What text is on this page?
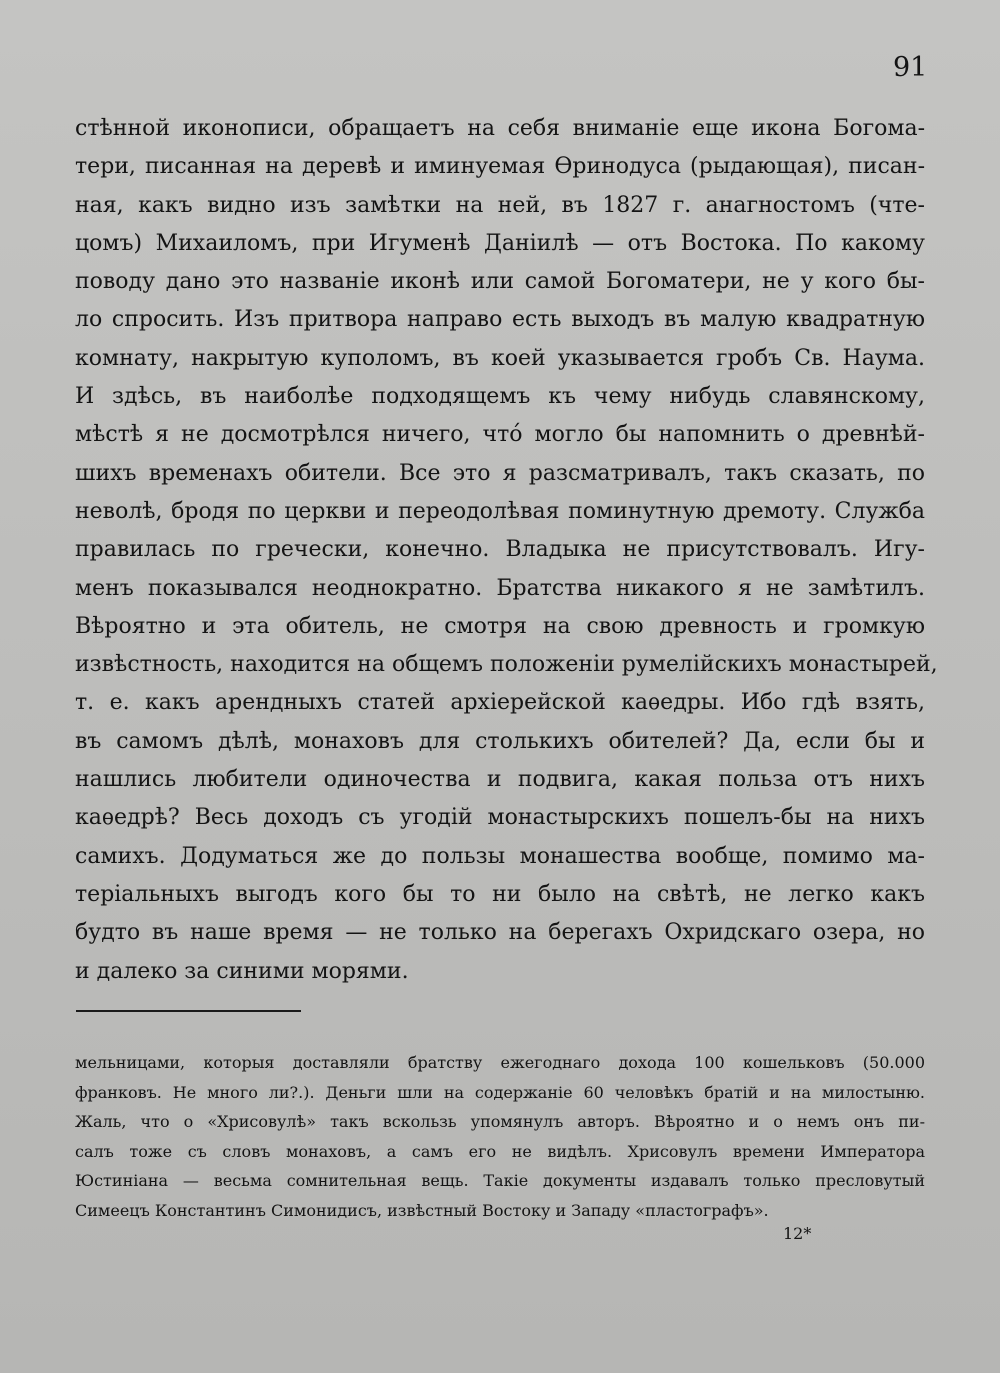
91
стѣнной иконописи, обращаетъ на себя вниманіе еще икона Богома-
тери, писанная на деревѣ и иминуемая Ѳринодуса (рыдающая), писан-
ная, какъ видно изъ замѣтки на ней, въ 1827 г. анагностомъ (чте-
цомъ) Михаиломъ, при Игуменѣ Даніилѣ — отъ Востока. По какому
поводу дано это названіе иконѣ или самой Богоматери, не у кого бы-
ло спросить. Изъ притвора направо есть выходъ въ малую квадратную
комнату, накрытую куполомъ, въ коей указывается гробъ Св. Наума.
И здѣсь, въ наиболѣе подходящемъ къ чему нибудь славянскому,
мѣстѣ я не досмотрѣлся ничего, что́ могло бы напомнить о древнѣй-
шихъ временахъ обители. Все это я разсматривалъ, такъ сказать, по
неволѣ, бродя по церкви и переодолѣвая поминутную дремоту. Служба
правилась по гречески, конечно. Владыка не присутствовалъ. Игу-
менъ показывался неоднократно. Братства никакого я не замѣтилъ.
Вѣроятно и эта обитель, не смотря на свою древность и громкую
извѣстность, находится на общемъ положеніи румелійскихъ монастырей,
т. е. какъ арендныхъ статей архіерейской каѳедры. Ибо гдѣ взять,
въ самомъ дѣлѣ, монаховъ для столькихъ обителей? Да, если бы и
нашлись любители одиночества и подвига, какая польза отъ нихъ
каѳедрѣ? Весь доходъ съ угодій монастырскихъ пошелъ-бы на нихъ
самихъ. Додуматься же до пользы монашества вообще, помимо ма-
теріальныхъ выгодъ кого бы то ни было на свѣтѣ, не легко какъ
будто въ наше время — не только на берегахъ Охридскаго озера, но
и далеко за синими морями.
мельницами, которыя доставляли братству ежегоднаго дохода 100 кошельковъ (50.000
франковъ. Не много ли?.). Деньги шли на содержаніе 60 человѣкъ братій и на милостыню.
Жаль, что о «Хрисовулѣ» такъ вскользь упомянулъ авторъ. Вѣроятно и о немъ онъ пи-
салъ тоже съ словъ монаховъ, а самъ его не видѣлъ. Хрисовулъ времени Императора
Юстиніана — весьма сомнительная вещь. Такіе документы издавалъ только пресловутый
Симеецъ Константинъ Симонидисъ, извѣстный Востоку и Западу «пластографъ».
12*
